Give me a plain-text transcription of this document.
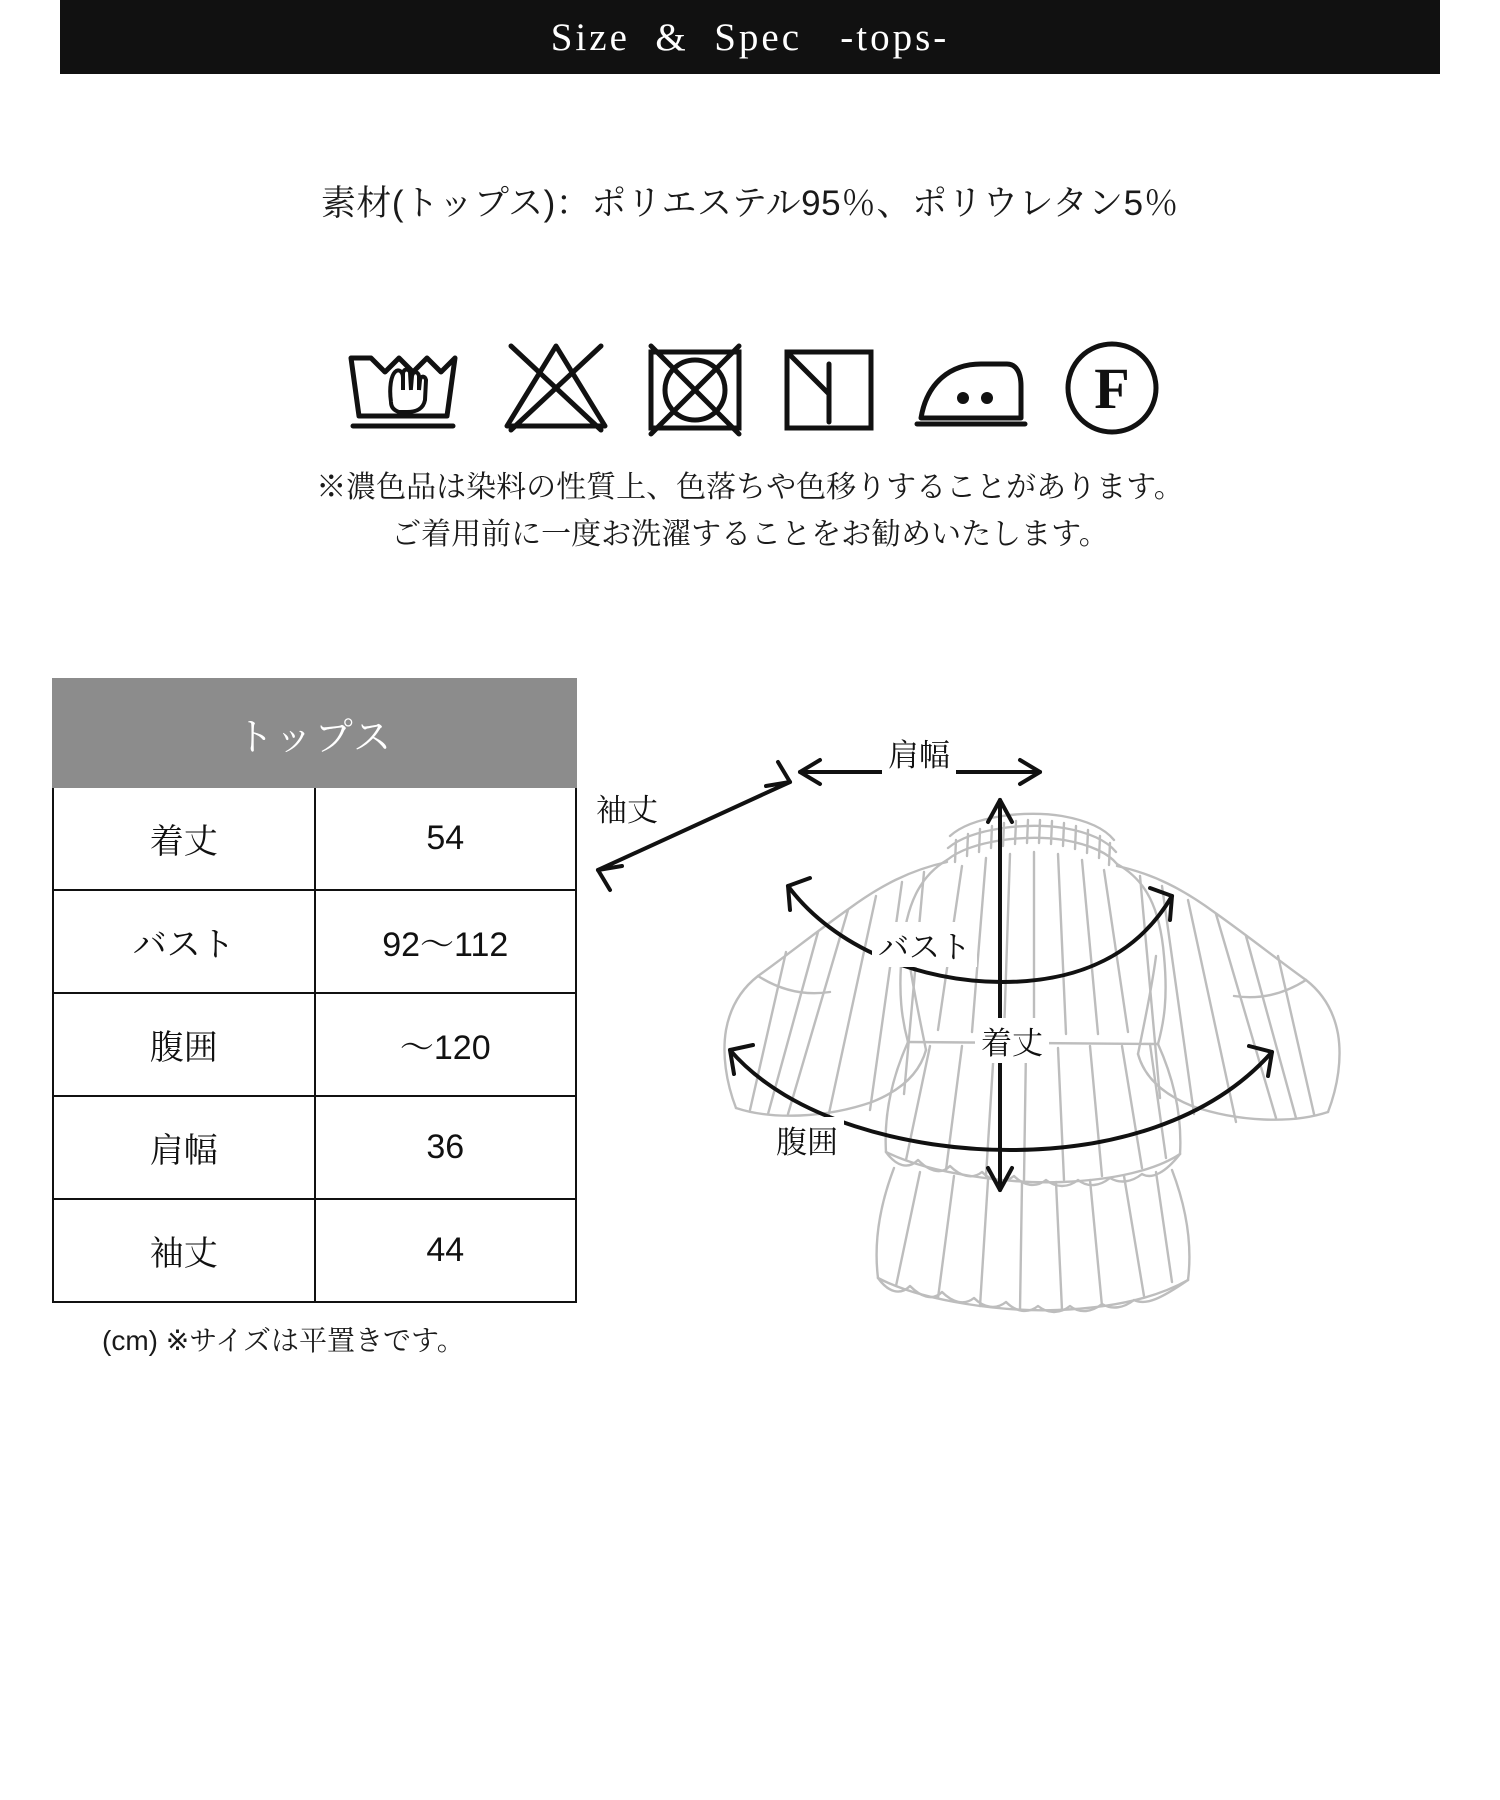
Size  &  Spec   -tops-
素材(トップス)：ポリエステル95％、ポリウレタン5％
F
※濃色品は染料の性質上、色落ちや色移りすることがあります。
ご着用前に一度お洗濯することをお勧めいたします。
トップス	
着丈	54
バスト	92〜112
腹囲	〜120
肩幅	36
袖丈	44
(cm) ※サイズは平置きです。
肩幅
袖丈
バスト
着丈
腹囲
